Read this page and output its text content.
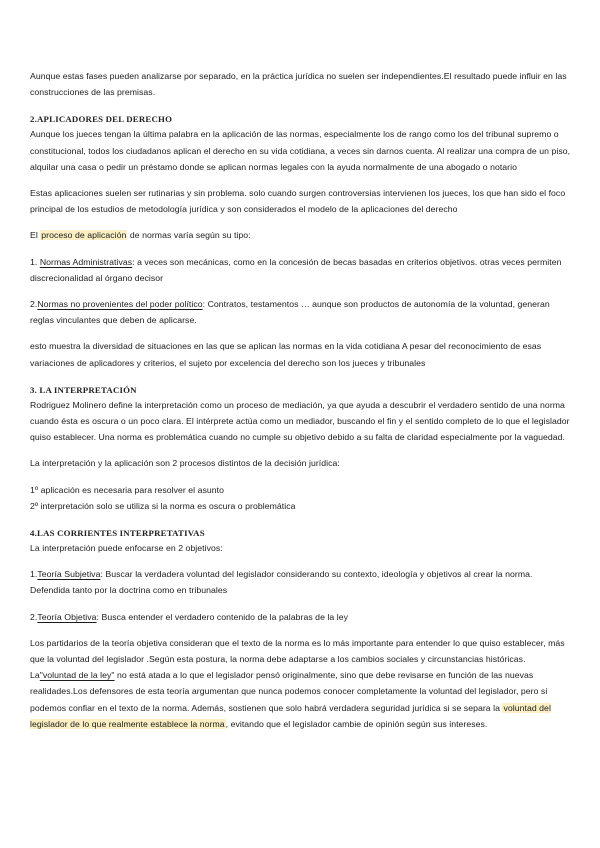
Aunque estas fases pueden analizarse por separado, en la práctica jurídica no suelen ser independientes.El resultado puede influir en las construcciones de las premisas.

2.APLICADORES DEL DERECHO

Aunque los jueces tengan la última palabra en la aplicación de las normas, especialmente los de rango como los del tribunal supremo o constitucional, todos los ciudadanos aplican el derecho en su vida cotidiana, a veces sin darnos cuenta. Al realizar una compra de un piso, alquilar una casa o pedir un préstamo donde se aplican normas legales con la ayuda normalmente de una abogado o notario

Estas aplicaciones suelen ser rutinarias y sin problema. solo cuando surgen controversias intervienen los jueces, los que han sido el foco principal de los estudios de metodología jurídica y son considerados el modelo de la aplicaciones del derecho

El proceso de aplicación de normas varía según su tipo:

1. Normas Administrativas: a veces son mecánicas, como en la concesión de becas basadas en criterios objetivos. otras veces permiten discrecionalidad al órgano decisor

2.Normas no provenientes del poder político: Contratos, testamentos … aunque son productos de autonomía de la voluntad, generan reglas vinculantes que deben de aplicarse.

esto muestra la diversidad de situaciones en las que se aplican las normas en la vida cotidiana A pesar del reconocimiento de esas variaciones de aplicadores y criterios, el sujeto por excelencia del derecho son los jueces y tribunales

3. LA INTERPRETACIÓN

Rodriguez Molinero define la interpretación como un proceso de mediación, ya que ayuda a descubrir el verdadero sentido de una norma cuando ésta es oscura o un poco clara. El intérprete actúa como un mediador, buscando el fin y el sentido completo de lo que el legislador quiso establecer. Una norma es problemática cuando no cumple su objetivo debido a su falta de claridad especialmente por la vaguedad.

La interpretación y la aplicación son 2 procesos distintos de la decisión jurídica:

1º aplicación es necesaria para resolver el asunto

2º interpretación solo se utiliza si la norma es oscura o problemática

4.LAS CORRIENTES INTERPRETATIVAS

La interpretación puede enfocarse en 2 objetivos:

1.Teoría Subjetiva: Buscar la verdadera voluntad del legislador considerando su contexto, ideología y objetivos al crear la norma. Defendida tanto por la doctrina como en tribunales

2.Teoría Objetiva: Busca entender el verdadero contenido de la palabras de la ley

Los partidarios de la teoría objetiva consideran que el texto de la norma es lo más importante para entender lo que quiso establecer, más que la voluntad del legislador .Según esta postura, la norma debe adaptarse a los cambios sociales y circunstancias históricas. La"voluntad de la ley" no está atada a lo que el legislador pensó originalmente, sino que debe revisarse en función de las nuevas realidades.Los defensores de esta teoría argumentan que nunca podemos conocer completamente la voluntad del legislador, pero si podemos confiar en el texto de la norma. Además, sostienen que solo habrá verdadera seguridad jurídica si se separa la voluntad del legislador de lo que realmente establece la norma, evitando que el legislador cambie de opinión según sus intereses.
